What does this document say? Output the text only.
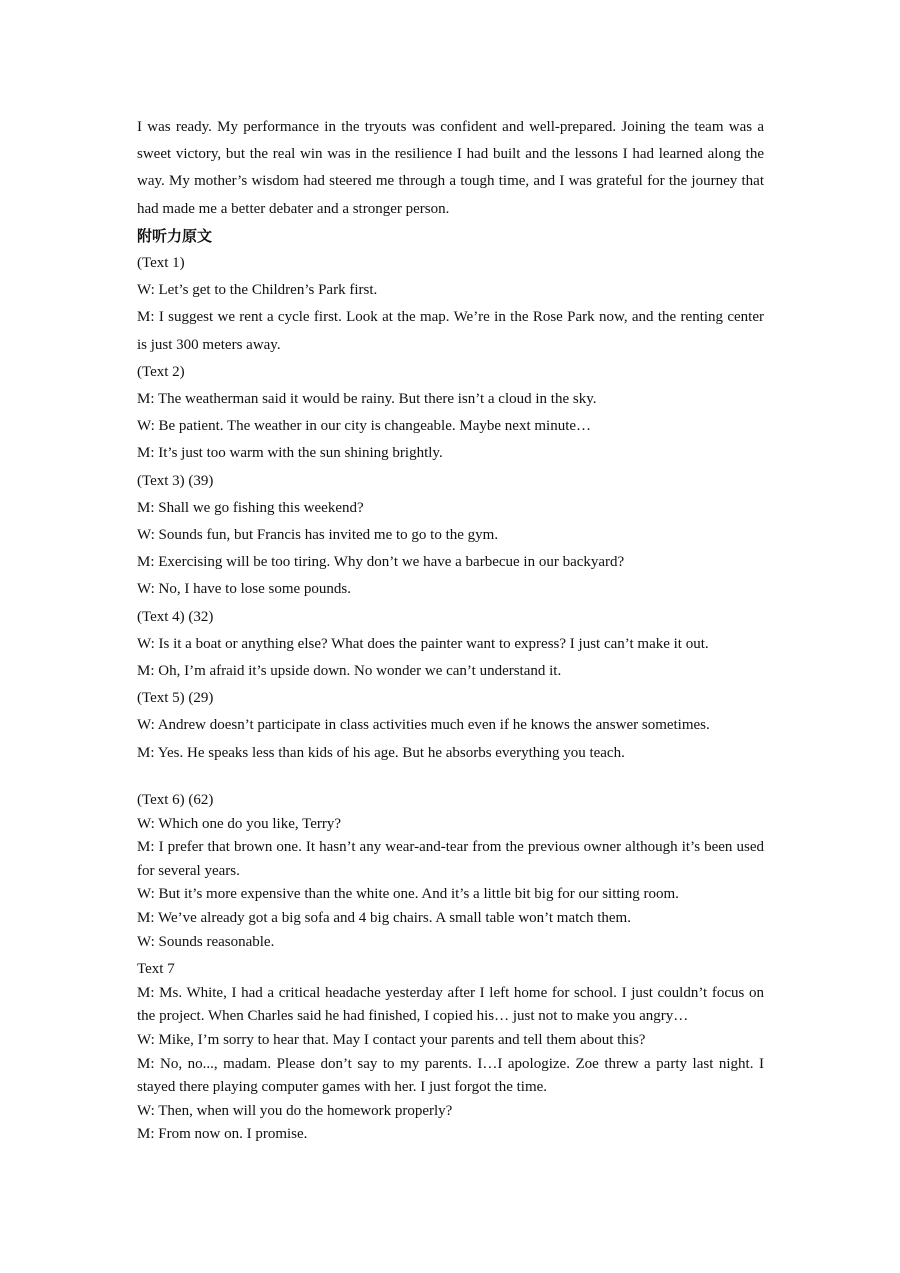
I was ready. My performance in the tryouts was confident and well-prepared. Joining the team was a sweet victory, but the real win was in the resilience I had built and the lessons I had learned along the way. My mother’s wisdom had steered me through a tough time, and I was grateful for the journey that had made me a better debater and a stronger person.

附听力原文

(Text 1)

W: Let’s get to the Children’s Park first.

M: I suggest we rent a cycle first. Look at the map. We’re in the Rose Park now, and the renting center is just 300 meters away.

(Text 2)

M: The weatherman said it would be rainy. But there isn’t a cloud in the sky.

W: Be patient. The weather in our city is changeable. Maybe next minute…

M: It’s just too warm with the sun shining brightly.

(Text 3) (39)

M: Shall we go fishing this weekend?

W: Sounds fun, but Francis has invited me to go to the gym.

M: Exercising will be too tiring. Why don’t we have a barbecue in our backyard?

W: No, I have to lose some pounds.

(Text 4) (32)

W: Is it a boat or anything else? What does the painter want to express? I just can’t make it out.

M: Oh, I’m afraid it’s upside down. No wonder we can’t understand it.

(Text 5) (29)

W: Andrew doesn’t participate in class activities much even if he knows the answer sometimes.

M: Yes. He speaks less than kids of his age. But he absorbs everything you teach.

(Text 6) (62)

W: Which one do you like, Terry?

M: I prefer that brown one. It hasn’t any wear-and-tear from the previous owner although it’s been used for several years.

W: But it’s more expensive than the white one. And it’s a little bit big for our sitting room.

M: We’ve already got a big sofa and 4 big chairs. A small table won’t match them.

W: Sounds reasonable.

Text 7

M: Ms. White, I had a critical headache yesterday after I left home for school. I just couldn’t focus on the project. When Charles said he had finished, I copied his… just not to make you angry…

W: Mike, I’m sorry to hear that. May I contact your parents and tell them about this?

M: No, no..., madam. Please don’t say to my parents. I…I apologize. Zoe threw a party last night. I stayed there playing computer games with her. I just forgot the time.

W: Then, when will you do the homework properly?

M: From now on. I promise.
